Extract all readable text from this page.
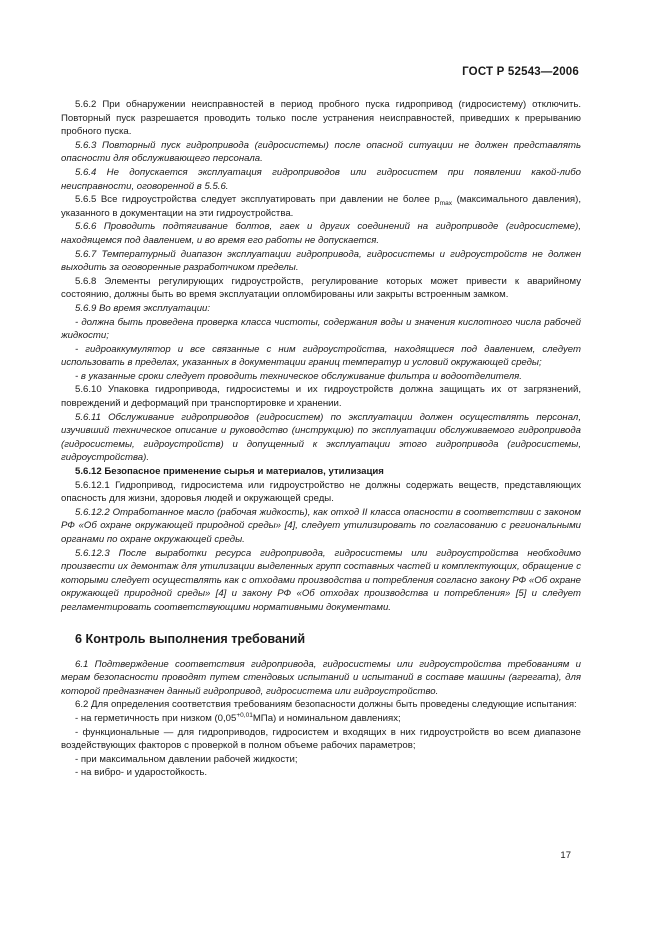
ГОСТ Р 52543—2006

5.6.2 При обнаружении неисправностей в период пробного пуска гидропривод (гидросистему) отключить. Повторный пуск разрешается проводить только после устранения неисправностей, приведших к прерыванию пробного пуска.

5.6.3 Повторный пуск гидропривода (гидросистемы) после опасной ситуации не должен представлять опасности для обслуживающего персонала.

5.6.4 Не допускается эксплуатация гидроприводов или гидросистем при появлении какой-либо неисправности, оговоренной в 5.5.6.

5.6.5 Все гидроустройства следует эксплуатировать при давлении не более $p_{max}$ (максимального давления), указанного в документации на эти гидроустройства.

5.6.6 Проводить подтягивание болтов, гаек и других соединений на гидроприводе (гидросистеме), находящемся под давлением, и во время его работы не допускается.

5.6.7 Температурный диапазон эксплуатации гидропривода, гидросистемы и гидроустройств не должен выходить за оговоренные разработчиком пределы.

5.6.8 Элементы регулирующих гидроустройств, регулирование которых может привести к аварийному состоянию, должны быть во время эксплуатации опломбированы или закрыты встроенным замком.

5.6.9 Во время эксплуатации:

- должна быть проведена проверка класса чистоты, содержания воды и значения кислотного числа рабочей жидкости;

- гидроаккумулятор и все связанные с ним гидроустройства, находящиеся под давлением, следует использовать в пределах, указанных в документации границ температур и условий окружающей среды;

- в указанные сроки следует проводить техническое обслуживание фильтра и водоотделителя.

5.6.10 Упаковка гидропривода, гидросистемы и их гидроустройств должна защищать их от загрязнений, повреждений и деформаций при транспортировке и хранении.

5.6.11 Обслуживание гидроприводов (гидросистем) по эксплуатации должен осуществлять персонал, изучивший техническое описание и руководство (инструкцию) по эксплуатации обслуживаемого гидропривода (гидросистемы, гидроустройств) и допущенный к эксплуатации этого гидропривода (гидросистемы, гидроустройства).

5.6.12 Безопасное применение сырья и материалов, утилизация

5.6.12.1 Гидропривод, гидросистема или гидроустройство не должны содержать веществ, представляющих опасность для жизни, здоровья людей и окружающей среды.

5.6.12.2 Отработанное масло (рабочая жидкость), как отход II класса опасности в соответствии с законом РФ «Об охране окружающей природной среды» [4], следует утилизировать по согласованию с региональными органами по охране окружающей среды.

5.6.12.3 После выработки ресурса гидропривода, гидросистемы или гидроустройства необходимо произвести их демонтаж для утилизации выделенных групп составных частей и комплектующих, обращение с которыми следует осуществлять как с отходами производства и потребления согласно закону РФ «Об охране окружающей природной среды» [4] и закону РФ «Об отходах производства и потребления» [5] и следует регламентировать соответствующими нормативными документами.

6 Контроль выполнения требований

6.1 Подтверждение соответствия гидропривода, гидросистемы или гидроустройства требованиям и мерам безопасности проводят путем стендовых испытаний и испытаний в составе машины (агрегата), для которой предназначен данный гидропривод, гидросистема или гидроустройство.

6.2 Для определения соответствия требованиям безопасности должны быть проведены следующие испытания:

- на герметичность при низком $(0,05^{+0,01}МПа)$ и номинальном давлениях;

- функциональные — для гидроприводов, гидросистем и входящих в них гидроустройств во всем диапазоне воздействующих факторов с проверкой в полном объеме рабочих параметров;

- при максимальном давлении рабочей жидкости;

- на вибро- и ударостойкость.

17
